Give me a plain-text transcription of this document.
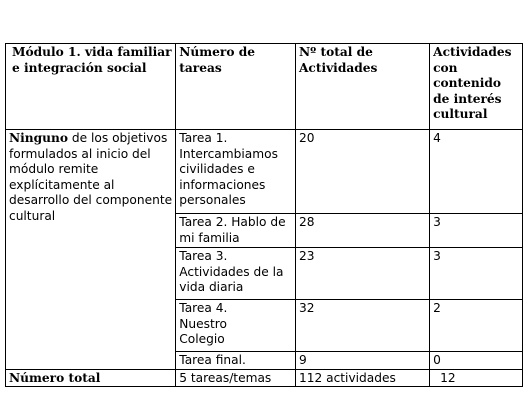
Módulo 1. vida familiar e integración social	Número de tareas	Nº total de Actividades	Actividades con contenido de interés cultural
Ninguno de los objetivos formulados al inicio del módulo remite explícitamente al desarrollo del componente cultural	Tarea 1. Intercambiamos  civilidades e informaciones personales	20	4
	Tarea 2. Hablo de mi familia	28	3
	Tarea 3. Actividades de la vida diaria	23	3
	Tarea 4. Nuestro Colegio	32	2
	Tarea final.	9	0
Número total	5 tareas/temas	112 actividades	12
